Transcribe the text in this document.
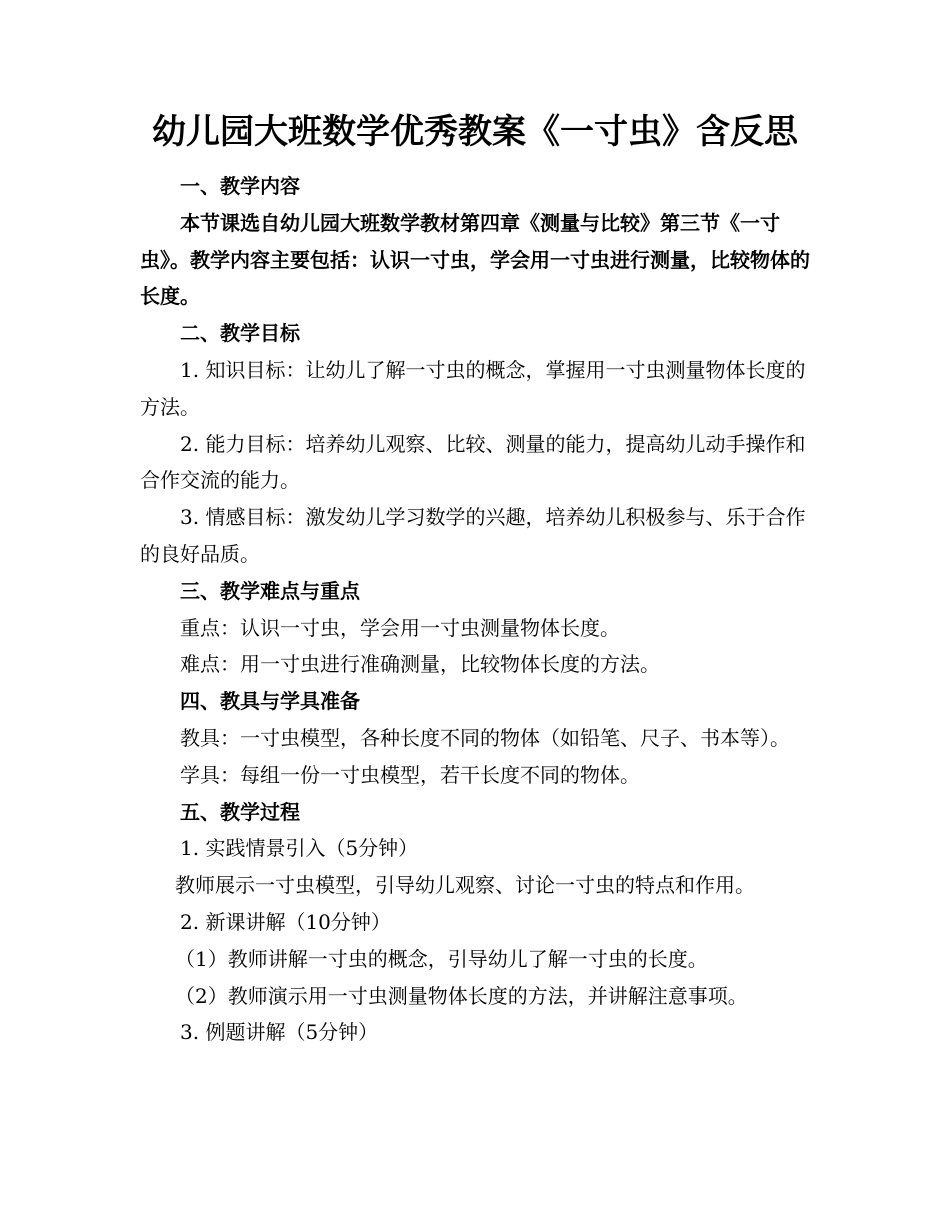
幼儿园大班数学优秀教案《一寸虫》含反思

一、教学内容

本节课选自幼儿园大班数学教材第四章《测量与比较》第三节《一寸虫》。教学内容主要包括：认识一寸虫，学会用一寸虫进行测量，比较物体的长度。

二、教学目标

1. 知识目标：让幼儿了解一寸虫的概念，掌握用一寸虫测量物体长度的方法。

2. 能力目标：培养幼儿观察、比较、测量的能力，提高幼儿动手操作和合作交流的能力。

3. 情感目标：激发幼儿学习数学的兴趣，培养幼儿积极参与、乐于合作的良好品质。

三、教学难点与重点

重点：认识一寸虫，学会用一寸虫测量物体长度。

难点：用一寸虫进行准确测量，比较物体长度的方法。

四、教具与学具准备

教具：一寸虫模型，各种长度不同的物体（如铅笔、尺子、书本等）。

学具：每组一份一寸虫模型，若干长度不同的物体。

五、教学过程

1. 实践情景引入（5分钟）

教师展示一寸虫模型，引导幼儿观察、讨论一寸虫的特点和作用。

2. 新课讲解（10分钟）

（1）教师讲解一寸虫的概念，引导幼儿了解一寸虫的长度。

（2）教师演示用一寸虫测量物体长度的方法，并讲解注意事项。

3. 例题讲解（5分钟）
